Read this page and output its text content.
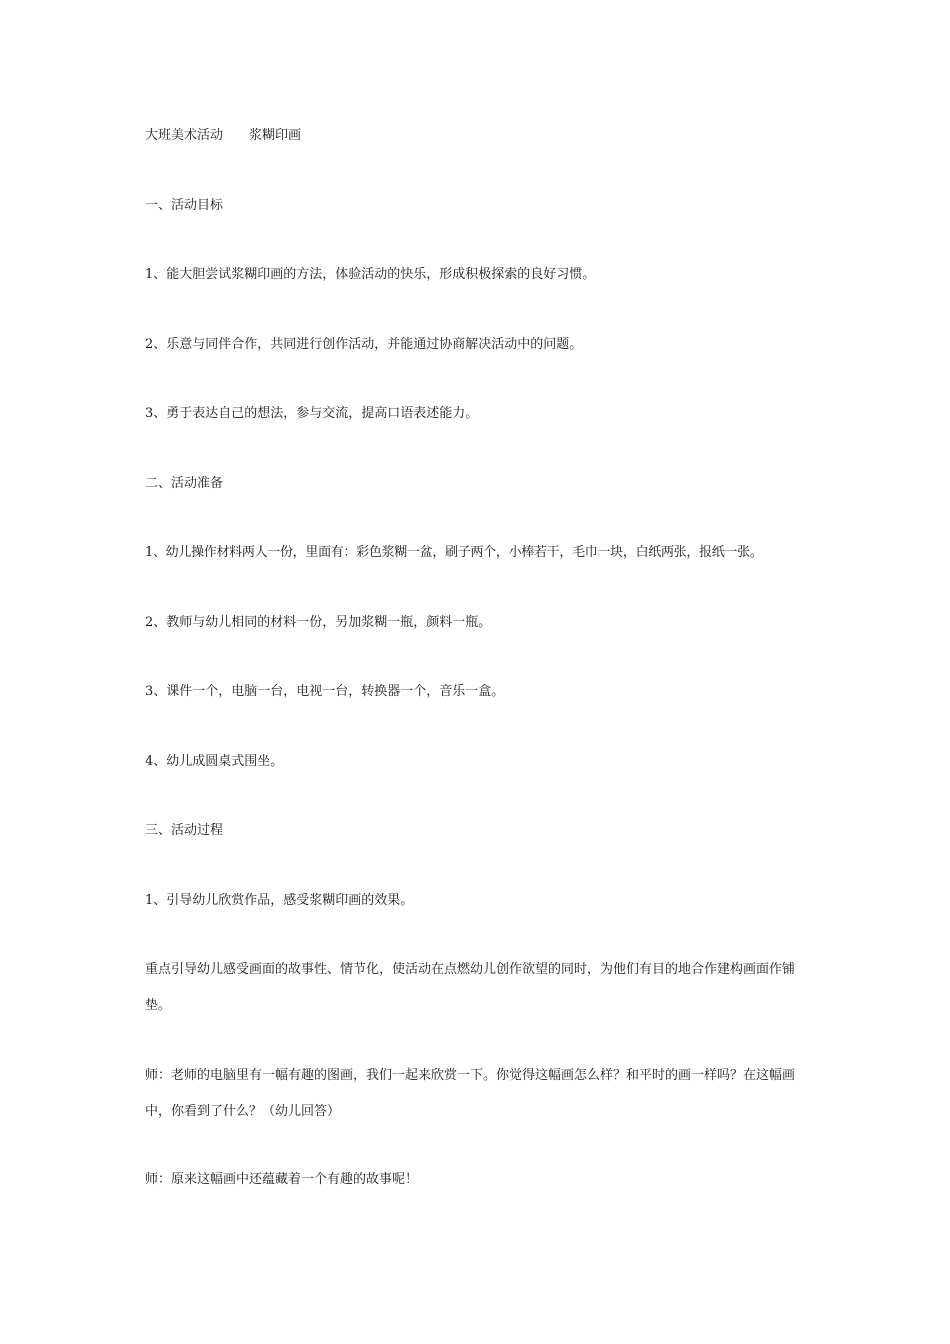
大班美术活动 浆糊印画
一、活动目标
1、能大胆尝试浆糊印画的方法，体验活动的快乐，形成积极探索的良好习惯。
2、乐意与同伴合作，共同进行创作活动，并能通过协商解决活动中的问题。
3、勇于表达自己的想法，参与交流，提高口语表述能力。
二、活动准备
1、幼儿操作材料两人一份，里面有：彩色浆糊一盆，刷子两个，小棒若干，毛巾一块，白纸两张，报纸一张。
2、教师与幼儿相同的材料一份，另加浆糊一瓶，颜料一瓶。
3、课件一个，电脑一台，电视一台，转换器一个，音乐一盒。
4、幼儿成圆桌式围坐。
三、活动过程
1、引导幼儿欣赏作品，感受浆糊印画的效果。
重点引导幼儿感受画面的故事性、情节化，使活动在点燃幼儿创作欲望的同时，为他们有目的地合作建构画面作铺垫。
师：老师的电脑里有一幅有趣的图画，我们一起来欣赏一下。你觉得这幅画怎么样？和平时的画一样吗？在这幅画中，你看到了什么？（幼儿回答）
师：原来这幅画中还蕴藏着一个有趣的故事呢！
